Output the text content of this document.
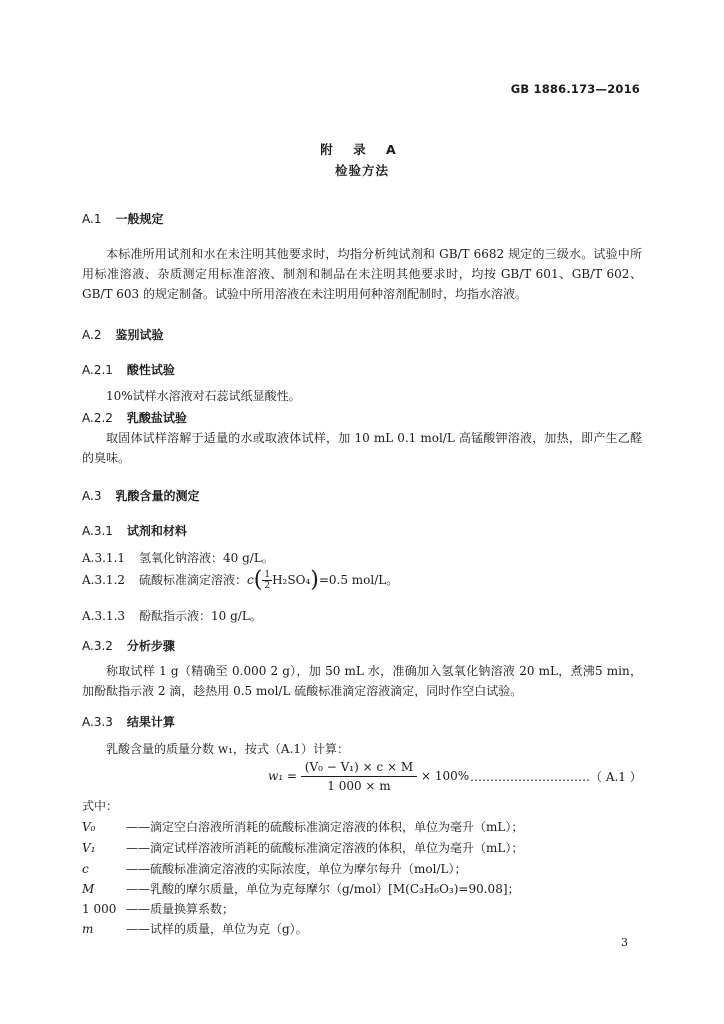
GB 1886.173—2016
附 录 A
检验方法
A.1 一般规定
本标准所用试剂和水在未注明其他要求时，均指分析纯试剂和 GB/T 6682 规定的三级水。试验中所用标准溶液、杂质测定用标准溶液、制剂和制品在未注明其他要求时，均按 GB/T 601、GB/T 602、GB/T 603 的规定制备。试验中所用溶液在未注明用何种溶剂配制时，均指水溶液。
A.2 鉴别试验
A.2.1 酸性试验
10%试样水溶液对石蕊试纸显酸性。
A.2.2 乳酸盐试验
取固体试样溶解于适量的水或取液体试样，加 10 mL 0.1 mol/L 高锰酸钾溶液，加热，即产生乙醛的臭味。
A.3 乳酸含量的测定
A.3.1 试剂和材料
A.3.1.1 氢氧化钠溶液：40 g/L。
A.3.1.2 硫酸标准滴定溶液：$c( \frac{1}{2}H_2SO_4)=0.5$ mol/L。
A.3.1.3 酚酞指示液：10 g/L。
A.3.2 分析步骤
称取试样 1 g（精确至 0.000 2 g），加 50 mL 水，准确加入氢氧化钠溶液 20 mL，煮沸5 min，加酚酞指示液 2 滴，趁热用 0.5 mol/L 硫酸标准滴定溶液滴定，同时作空白试验。
A.3.3 结果计算
乳酸含量的质量分数 w₁，按式（A.1）计算：
$w_1 = \frac{\text{(V₀ − V₁) × c × M}}{1 000 \times m} \times 100\%$ …………………………（ A.1 ）
式中：
V₀	——滴定空白溶液所消耗的硫酸标准滴定溶液的体积，单位为毫升（mL）；
V₁	——滴定试样溶液所消耗的硫酸标准滴定溶液的体积，单位为毫升（mL）；
c	——硫酸标准滴定溶液的实际浓度，单位为摩尔每升（mol/L）；
M	——乳酸的摩尔质量，单位为克每摩尔（g/mol）[M(C₃H₆O₃)=90.08]；
1 000 ——质量换算系数；
m	——试样的质量，单位为克（g）。
3
